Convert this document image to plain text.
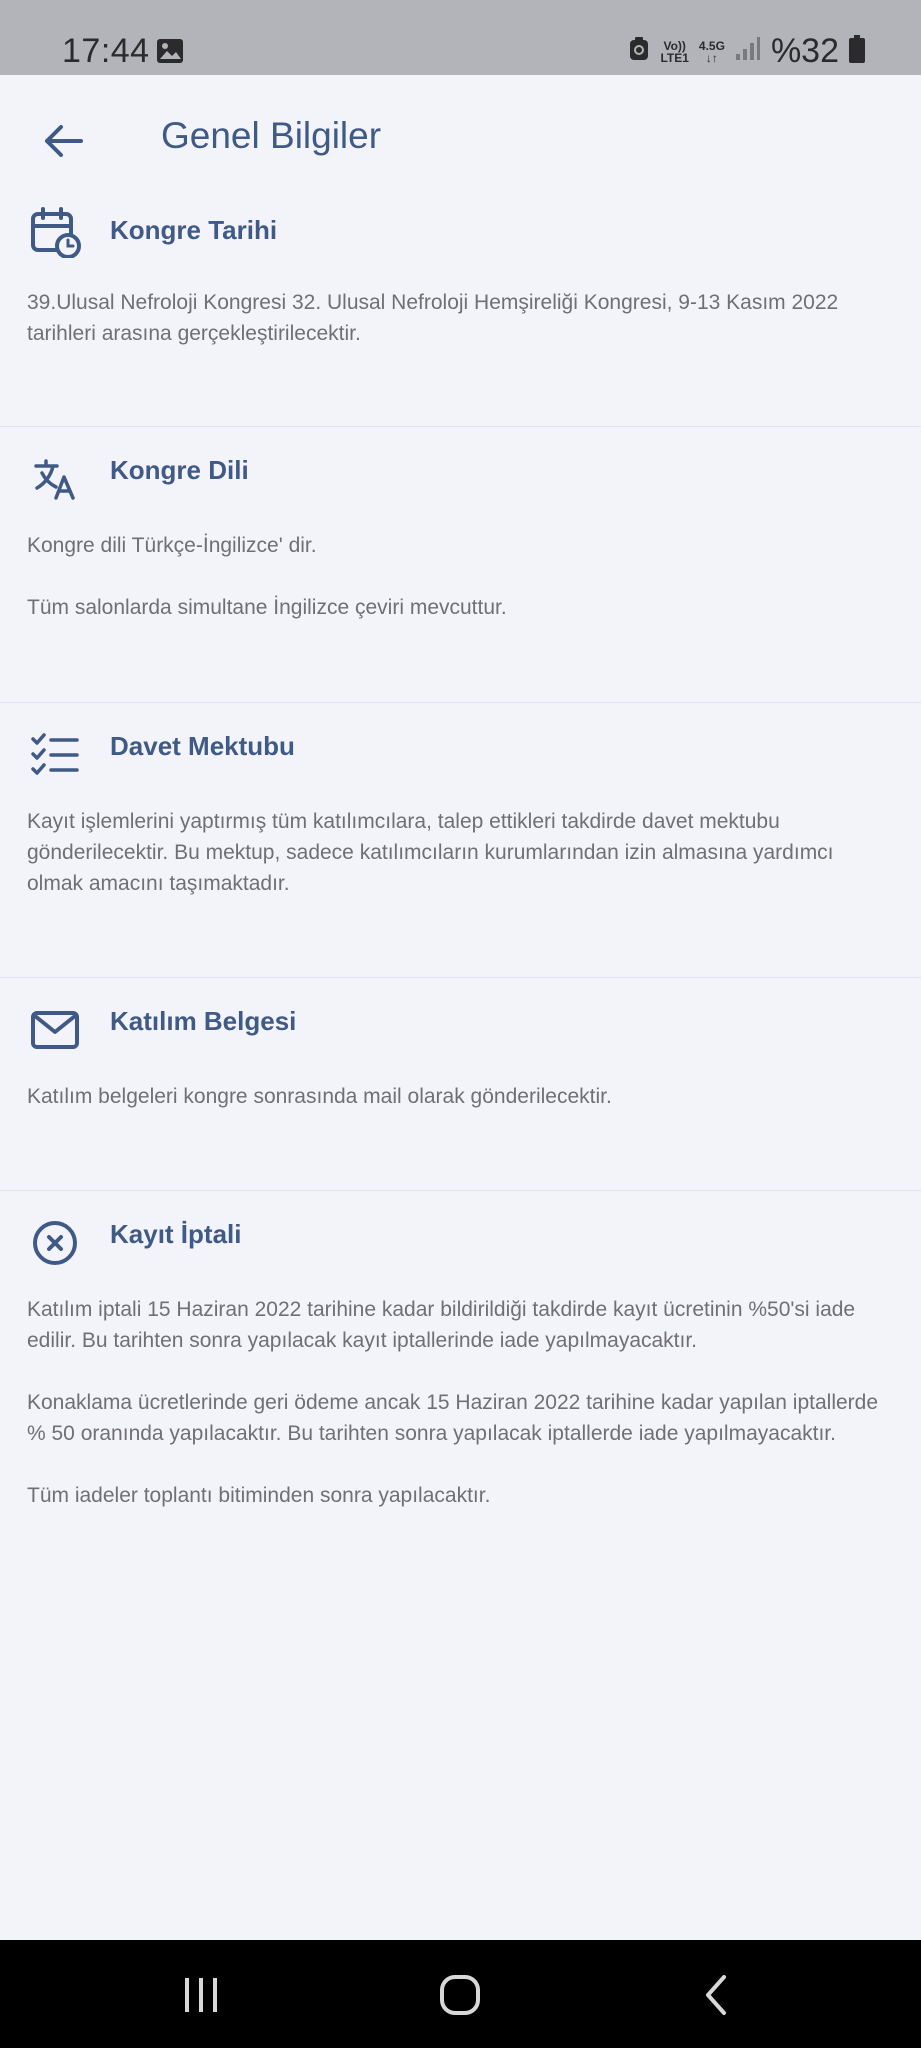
17:44	Vo))
LTE1
4.5G
↓↑ %32
Genel Bilgiler
Kongre Tarihi

39.Ulusal Nefroloji Kongresi 32. Ulusal Nefroloji Hemşireliği Kongresi, 9-13 Kasım 2022 tarihleri arasına gerçekleştirilecektir.

Kongre Dili

Kongre dili Türkçe-İngilizce' dir.

Tüm salonlarda simultane İngilizce çeviri mevcuttur.

Davet Mektubu

Kayıt işlemlerini yaptırmış tüm katılımcılara, talep ettikleri takdirde davet mektubu gönderilecektir. Bu mektup, sadece katılımcıların kurumlarından izin almasına yardımcı olmak amacını taşımaktadır.

Katılım Belgesi

Katılım belgeleri kongre sonrasında mail olarak gönderilecektir.

Kayıt İptali

Katılım iptali 15 Haziran 2022 tarihine kadar bildirildiği takdirde kayıt ücretinin %50'si iade edilir. Bu tarihten sonra yapılacak kayıt iptallerinde iade yapılmayacaktır.

Konaklama ücretlerinde geri ödeme ancak 15 Haziran 2022 tarihine kadar yapılan iptallerde % 50 oranında yapılacaktır. Bu tarihten sonra yapılacak iptallerde iade yapılmayacaktır.

Tüm iadeler toplantı bitiminden sonra yapılacaktır.
